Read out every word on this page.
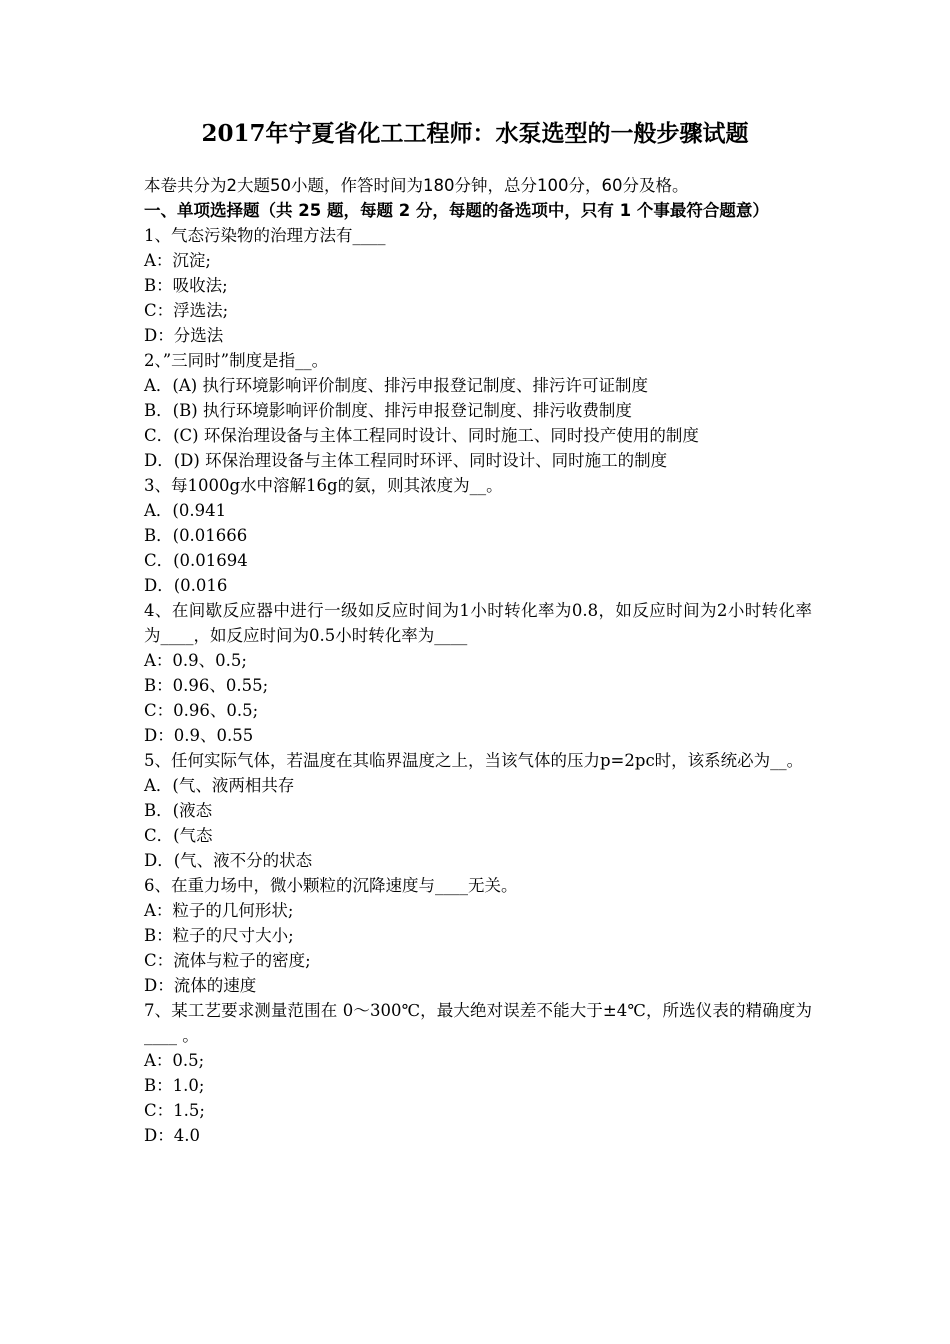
2017年宁夏省化工工程师：水泵选型的一般步骤试题

本卷共分为2大题50小题，作答时间为180分钟，总分100分，60分及格。

一、单项选择题（共 25 题，每题 2 分，每题的备选项中，只有 1 个事最符合题意）

1、气态污染物的治理方法有____

A：沉淀;

B：吸收法;

C：浮选法;

D：分选法

2、”三同时”制度是指__。

A．(A) 执行环境影响评价制度、排污申报登记制度、排污许可证制度

B．(B) 执行环境影响评价制度、排污申报登记制度、排污收费制度

C．(C) 环保治理设备与主体工程同时设计、同时施工、同时投产使用的制度

D．(D) 环保治理设备与主体工程同时环评、同时设计、同时施工的制度

3、每1000g水中溶解16g的氨，则其浓度为__。

A．(0.941

B．(0.01666

C．(0.01694

D．(0.016

4、在间歇反应器中进行一级如反应时间为1小时转化率为0.8，如反应时间为2小时转化率为____，如反应时间为0.5小时转化率为____

A：0.9、0.5;

B：0.96、0.55;

C：0.96、0.5;

D：0.9、0.55

5、任何实际气体，若温度在其临界温度之上，当该气体的压力p=2pc时，该系统必为__。

A．(气、液两相共存

B．(液态

C．(气态

D．(气、液不分的状态

6、在重力场中，微小颗粒的沉降速度与____无关。

A：粒子的几何形状;

B：粒子的尺寸大小;

C：流体与粒子的密度;

D：流体的速度

7、某工艺要求测量范围在 0～300℃，最大绝对误差不能大于±4℃，所选仪表的精确度为____ 。

A：0.5;

B：1.0;

C：1.5;

D：4.0
